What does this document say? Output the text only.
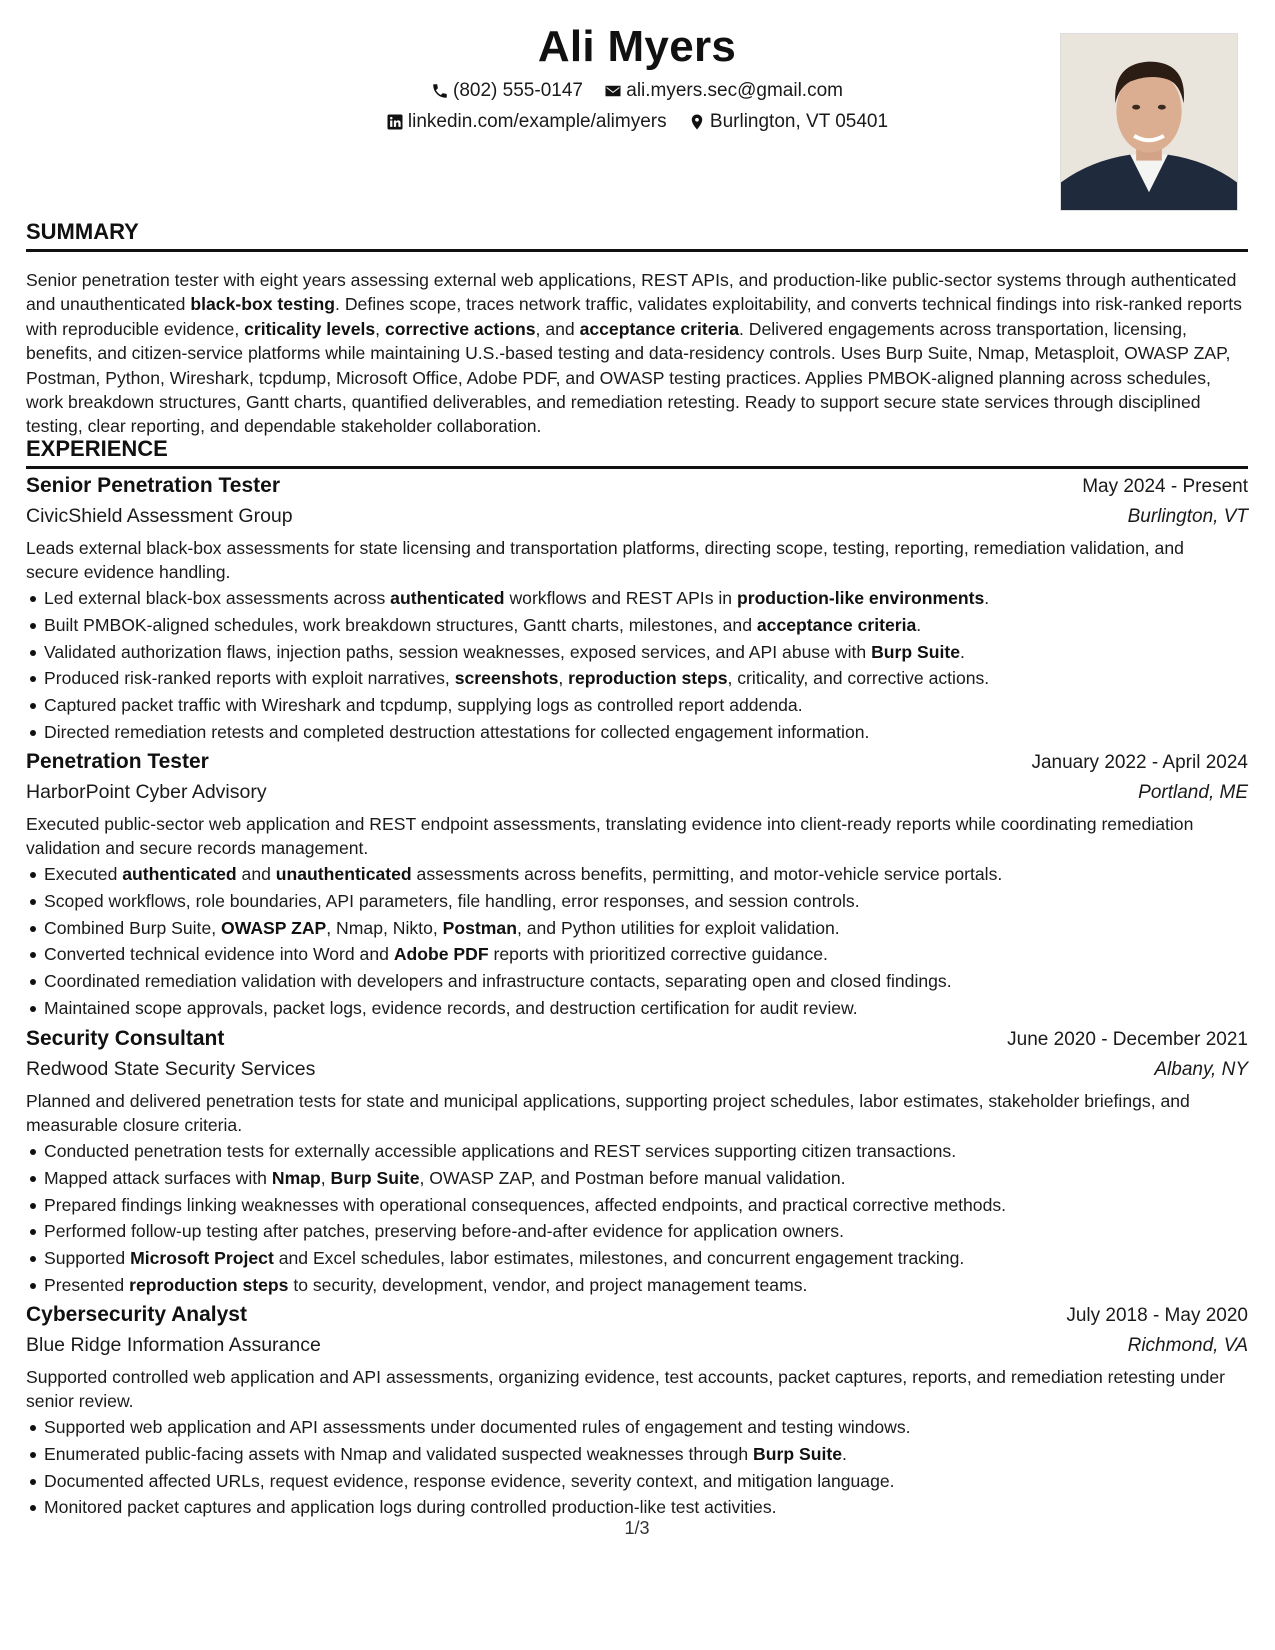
Ali Myers
(802) 555-0147
ali.myers.sec@gmail.com
linkedin.com/example/alimyers
Burlington, VT 05401
SUMMARY
Senior penetration tester with eight years assessing external web applications, REST APIs, and production-like public-sector systems through authenticated and unauthenticated black-box testing. Defines scope, traces network traffic, validates exploitability, and converts technical findings into risk-ranked reports with reproducible evidence, criticality levels, corrective actions, and acceptance criteria. Delivered engagements across transportation, licensing, benefits, and citizen-service platforms while maintaining U.S.-based testing and data-residency controls. Uses Burp Suite, Nmap, Metasploit, OWASP ZAP, Postman, Python, Wireshark, tcpdump, Microsoft Office, Adobe PDF, and OWASP testing practices. Applies PMBOK-aligned planning across schedules, work breakdown structures, Gantt charts, quantified deliverables, and remediation retesting. Ready to support secure state services through disciplined testing, clear reporting, and dependable stakeholder collaboration.
EXPERIENCE
Senior Penetration Tester	May 2024 - Present
CivicShield Assessment Group	Burlington, VT
Leads external black-box assessments for state licensing and transportation platforms, directing scope, testing, reporting, remediation validation, and secure evidence handling.
Led external black-box assessments across authenticated workflows and REST APIs in production-like environments.
Built PMBOK-aligned schedules, work breakdown structures, Gantt charts, milestones, and acceptance criteria.
Validated authorization flaws, injection paths, session weaknesses, exposed services, and API abuse with Burp Suite.
Produced risk-ranked reports with exploit narratives, screenshots, reproduction steps, criticality, and corrective actions.
Captured packet traffic with Wireshark and tcpdump, supplying logs as controlled report addenda.
Directed remediation retests and completed destruction attestations for collected engagement information.
Penetration Tester	January 2022 - April 2024
HarborPoint Cyber Advisory	Portland, ME
Executed public-sector web application and REST endpoint assessments, translating evidence into client-ready reports while coordinating remediation validation and secure records management.
Executed authenticated and unauthenticated assessments across benefits, permitting, and motor-vehicle service portals.
Scoped workflows, role boundaries, API parameters, file handling, error responses, and session controls.
Combined Burp Suite, OWASP ZAP, Nmap, Nikto, Postman, and Python utilities for exploit validation.
Converted technical evidence into Word and Adobe PDF reports with prioritized corrective guidance.
Coordinated remediation validation with developers and infrastructure contacts, separating open and closed findings.
Maintained scope approvals, packet logs, evidence records, and destruction certification for audit review.
Security Consultant	June 2020 - December 2021
Redwood State Security Services	Albany, NY
Planned and delivered penetration tests for state and municipal applications, supporting project schedules, labor estimates, stakeholder briefings, and measurable closure criteria.
Conducted penetration tests for externally accessible applications and REST services supporting citizen transactions.
Mapped attack surfaces with Nmap, Burp Suite, OWASP ZAP, and Postman before manual validation.
Prepared findings linking weaknesses with operational consequences, affected endpoints, and practical corrective methods.
Performed follow-up testing after patches, preserving before-and-after evidence for application owners.
Supported Microsoft Project and Excel schedules, labor estimates, milestones, and concurrent engagement tracking.
Presented reproduction steps to security, development, vendor, and project management teams.
Cybersecurity Analyst	July 2018 - May 2020
Blue Ridge Information Assurance	Richmond, VA
Supported controlled web application and API assessments, organizing evidence, test accounts, packet captures, reports, and remediation retesting under senior review.
Supported web application and API assessments under documented rules of engagement and testing windows.
Enumerated public-facing assets with Nmap and validated suspected weaknesses through Burp Suite.
Documented affected URLs, request evidence, response evidence, severity context, and mitigation language.
Monitored packet captures and application logs during controlled production-like test activities.
1/3
